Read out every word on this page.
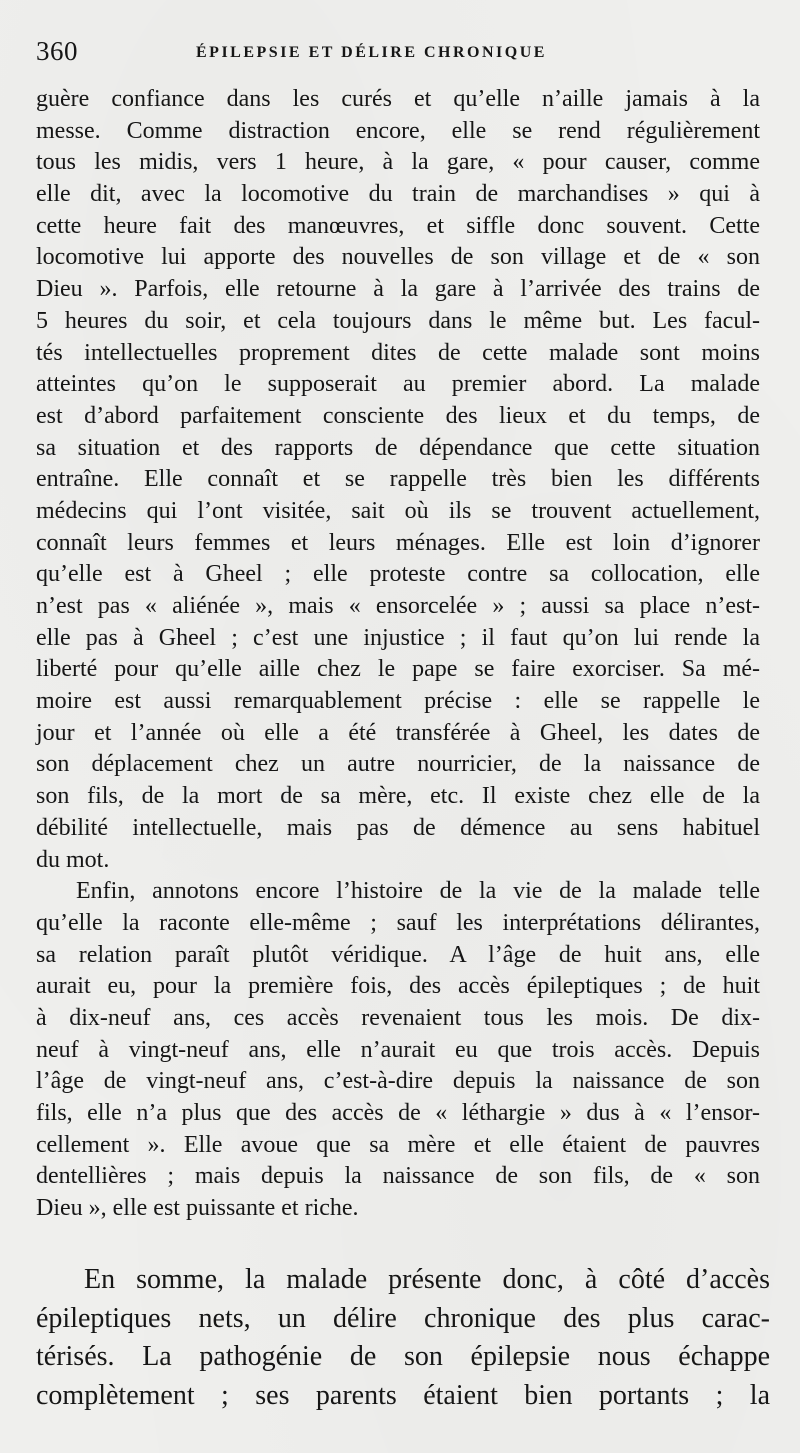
360	ÉPILEPSIE ET DÉLIRE CHRONIQUE
guère confiance dans les curés et qu’elle n’aille jamais à la
messe. Comme distraction encore, elle se rend régulièrement
tous les midis, vers 1 heure, à la gare, « pour causer, comme
elle dit, avec la locomotive du train de marchandises » qui à
cette heure fait des manœuvres, et siffle donc souvent. Cette
locomotive lui apporte des nouvelles de son village et de « son
Dieu ». Parfois, elle retourne à la gare à l’arrivée des trains de
5 heures du soir, et cela toujours dans le même but. Les facul-
tés intellectuelles proprement dites de cette malade sont moins
atteintes qu’on le supposerait au premier abord. La malade
est d’abord parfaitement consciente des lieux et du temps, de
sa situation et des rapports de dépendance que cette situation
entraîne. Elle connaît et se rappelle très bien les différents
médecins qui l’ont visitée, sait où ils se trouvent actuellement,
connaît leurs femmes et leurs ménages. Elle est loin d’ignorer
qu’elle est à Gheel ; elle proteste contre sa collocation, elle
n’est pas « aliénée », mais « ensorcelée » ; aussi sa place n’est-
elle pas à Gheel ; c’est une injustice ; il faut qu’on lui rende la
liberté pour qu’elle aille chez le pape se faire exorciser. Sa mé-
moire est aussi remarquablement précise : elle se rappelle le
jour et l’année où elle a été transférée à Gheel, les dates de
son déplacement chez un autre nourricier, de la naissance de
son fils, de la mort de sa mère, etc. Il existe chez elle de la
débilité intellectuelle, mais pas de démence au sens habituel
du mot.
Enfin, annotons encore l’histoire de la vie de la malade telle
qu’elle la raconte elle-même ; sauf les interprétations délirantes,
sa relation paraît plutôt véridique. A l’âge de huit ans, elle
aurait eu, pour la première fois, des accès épileptiques ; de huit
à dix-neuf ans, ces accès revenaient tous les mois. De dix-
neuf à vingt-neuf ans, elle n’aurait eu que trois accès. Depuis
l’âge de vingt-neuf ans, c’est-à-dire depuis la naissance de son
fils, elle n’a plus que des accès de « léthargie » dus à « l’ensor-
cellement ». Elle avoue que sa mère et elle étaient de pauvres
dentellières ; mais depuis la naissance de son fils, de « son
Dieu », elle est puissante et riche.
En somme, la malade présente donc, à côté d’accès
épileptiques nets, un délire chronique des plus carac-
térisés. La pathogénie de son épilepsie nous échappe
complètement ; ses parents étaient bien portants ; la
